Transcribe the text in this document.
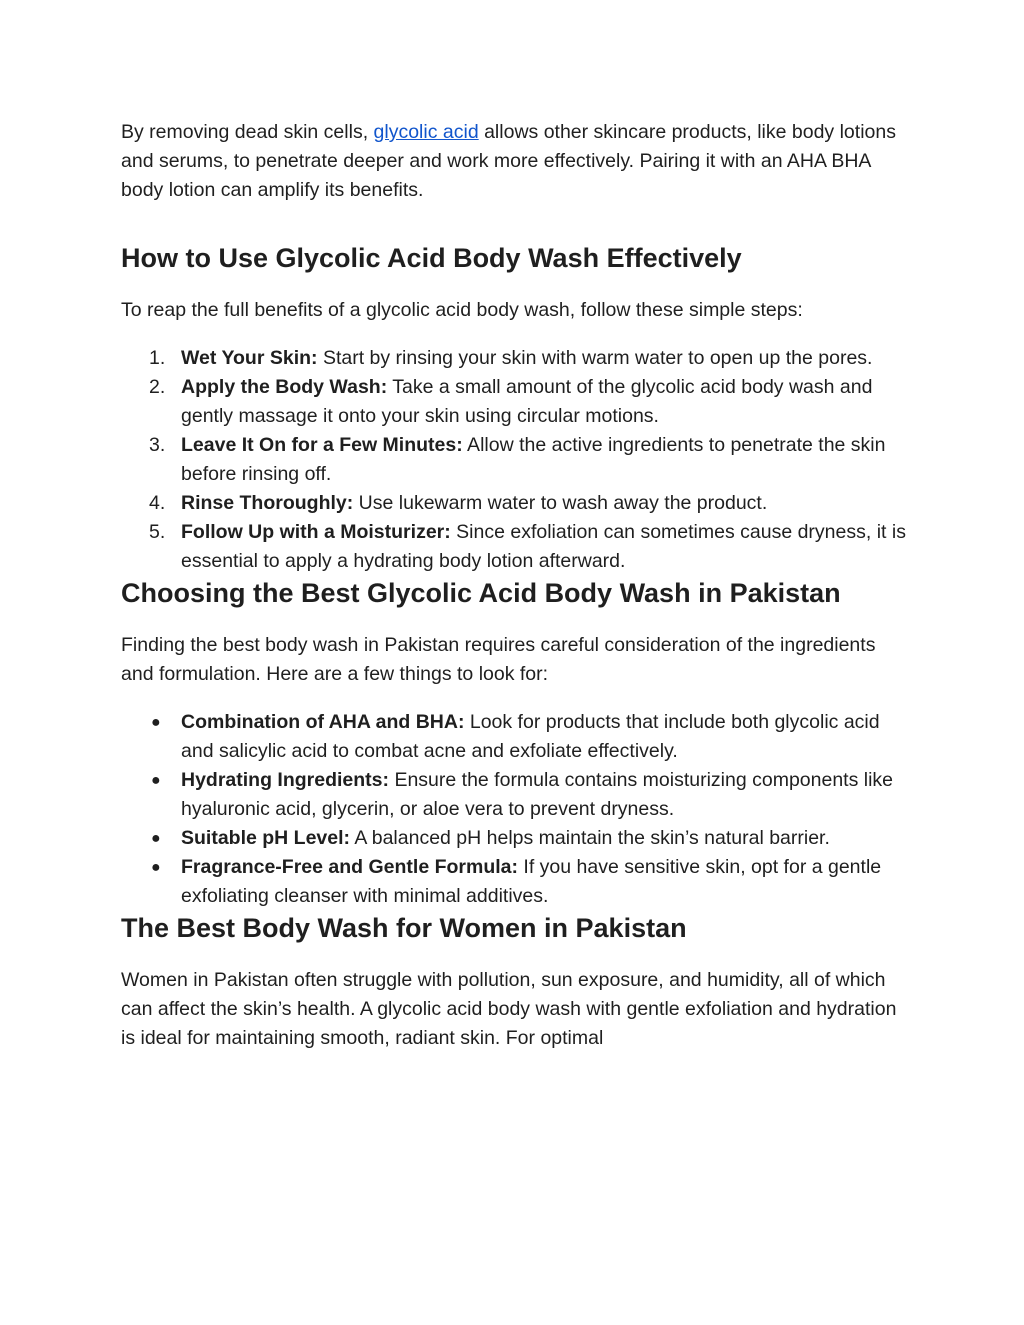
By removing dead skin cells, glycolic acid allows other skincare products, like body lotions and serums, to penetrate deeper and work more effectively. Pairing it with an AHA BHA body lotion can amplify its benefits.

How to Use Glycolic Acid Body Wash Effectively

To reap the full benefits of a glycolic acid body wash, follow these simple steps:

1. Wet Your Skin: Start by rinsing your skin with warm water to open up the pores.
2. Apply the Body Wash: Take a small amount of the glycolic acid body wash and gently massage it onto your skin using circular motions.
3. Leave It On for a Few Minutes: Allow the active ingredients to penetrate the skin before rinsing off.
4. Rinse Thoroughly: Use lukewarm water to wash away the product.
5. Follow Up with a Moisturizer: Since exfoliation can sometimes cause dryness, it is essential to apply a hydrating body lotion afterward.
Choosing the Best Glycolic Acid Body Wash in Pakistan

Finding the best body wash in Pakistan requires careful consideration of the ingredients and formulation. Here are a few things to look for:

● Combination of AHA and BHA: Look for products that include both glycolic acid and salicylic acid to combat acne and exfoliate effectively.
● Hydrating Ingredients: Ensure the formula contains moisturizing components like hyaluronic acid, glycerin, or aloe vera to prevent dryness.
● Suitable pH Level: A balanced pH helps maintain the skin’s natural barrier.
● Fragrance-Free and Gentle Formula: If you have sensitive skin, opt for a gentle exfoliating cleanser with minimal additives.
The Best Body Wash for Women in Pakistan

Women in Pakistan often struggle with pollution, sun exposure, and humidity, all of which can affect the skin’s health. A glycolic acid body wash with gentle exfoliation and hydration is ideal for maintaining smooth, radiant skin. For optimal
